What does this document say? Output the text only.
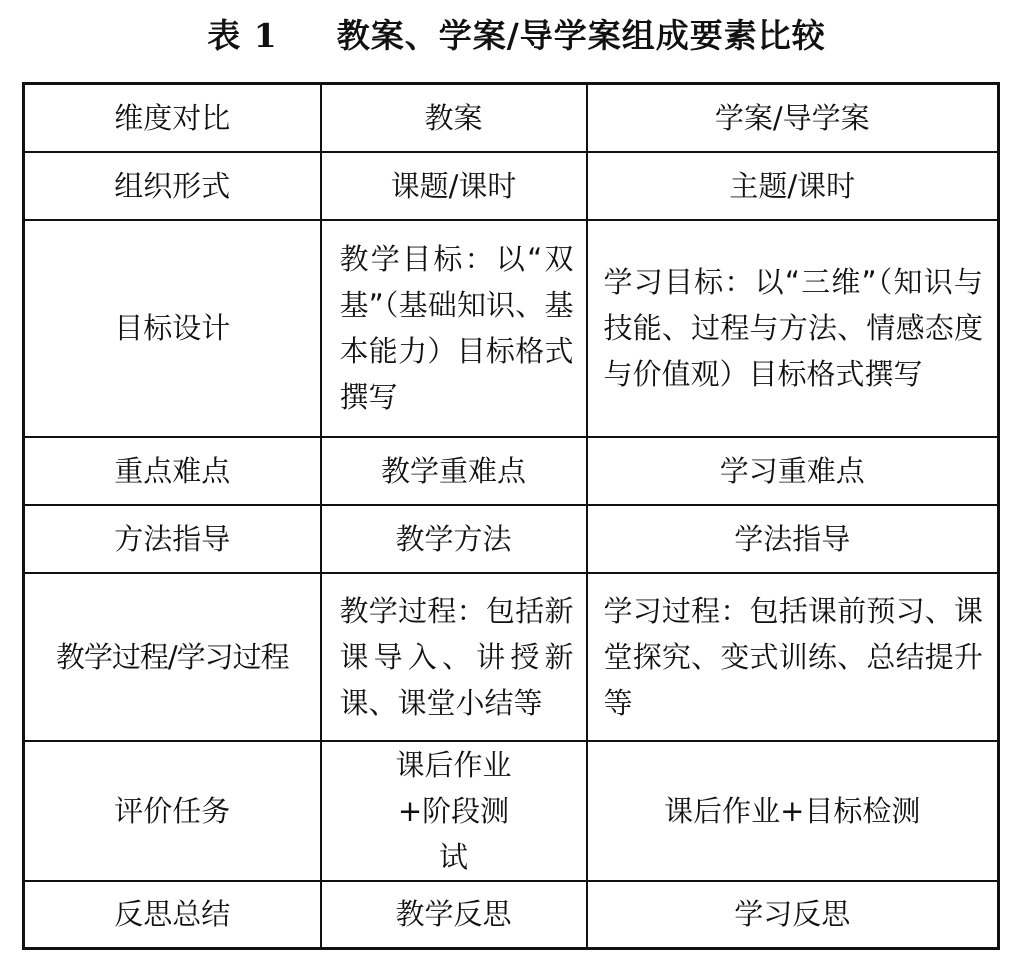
表 1 教案、学案/导学案组成要素比较
维度对比	教案	学案/导学案
组织形式	课题/课时	主题/课时
目标设计	教学目标：以“双基”（基础知识、基本能力）目标格式撰写	学习目标：以“三维”（知识与技能、过程与方法、情感态度与价值观）目标格式撰写
重点难点	教学重难点	学习重难点
方法指导	教学方法	学法指导
教学过程/学习过程	教学过程：包括新课导入、讲授新课、课堂小结等	学习过程：包括课前预习、课堂探究、变式训练、总结提升等
评价任务	课后作业+阶段测试	课后作业+目标检测
反思总结	教学反思	学习反思
